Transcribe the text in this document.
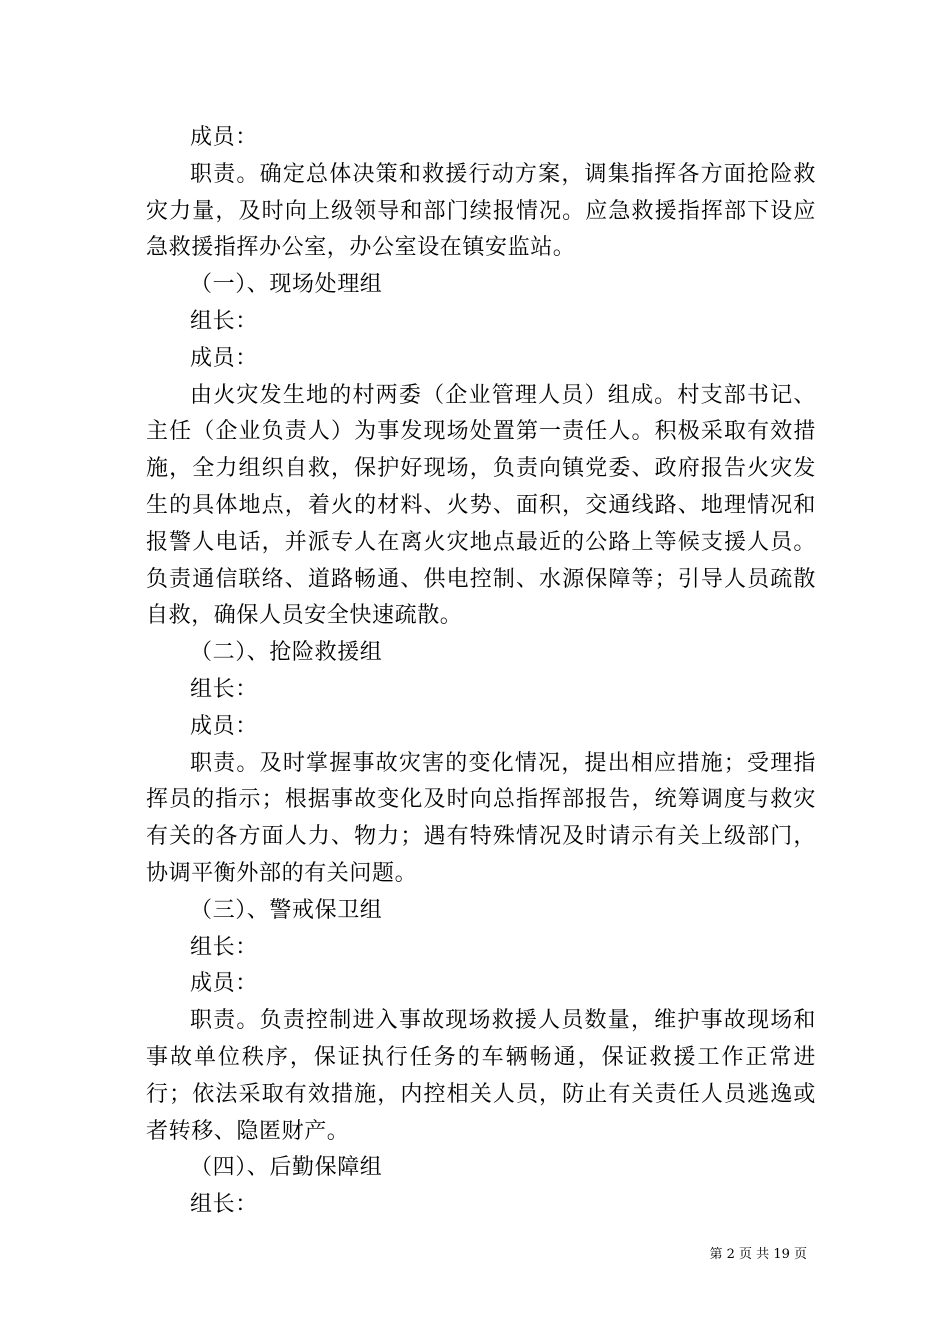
成员：

职责。确定总体决策和救援行动方案，调集指挥各方面抢险救灾力量，及时向上级领导和部门续报情况。应急救援指挥部下设应急救援指挥办公室，办公室设在镇安监站。

（一）、现场处理组

组长：

成员：

由火灾发生地的村两委（企业管理人员）组成。村支部书记、主任（企业负责人）为事发现场处置第一责任人。积极采取有效措施，全力组织自救，保护好现场，负责向镇党委、政府报告火灾发生的具体地点，着火的材料、火势、面积，交通线路、地理情况和报警人电话，并派专人在离火灾地点最近的公路上等候支援人员。负责通信联络、道路畅通、供电控制、水源保障等；引导人员疏散自救，确保人员安全快速疏散。

（二）、抢险救援组

组长：

成员：

职责。及时掌握事故灾害的变化情况，提出相应措施；受理指挥员的指示；根据事故变化及时向总指挥部报告，统筹调度与救灾有关的各方面人力、物力；遇有特殊情况及时请示有关上级部门，协调平衡外部的有关问题。

（三）、警戒保卫组

组长：

成员：

职责。负责控制进入事故现场救援人员数量，维护事故现场和事故单位秩序，保证执行任务的车辆畅通，保证救援工作正常进行；依法采取有效措施，内控相关人员，防止有关责任人员逃逸或者转移、隐匿财产。

（四）、后勤保障组

组长：

第 2 页 共 19 页
